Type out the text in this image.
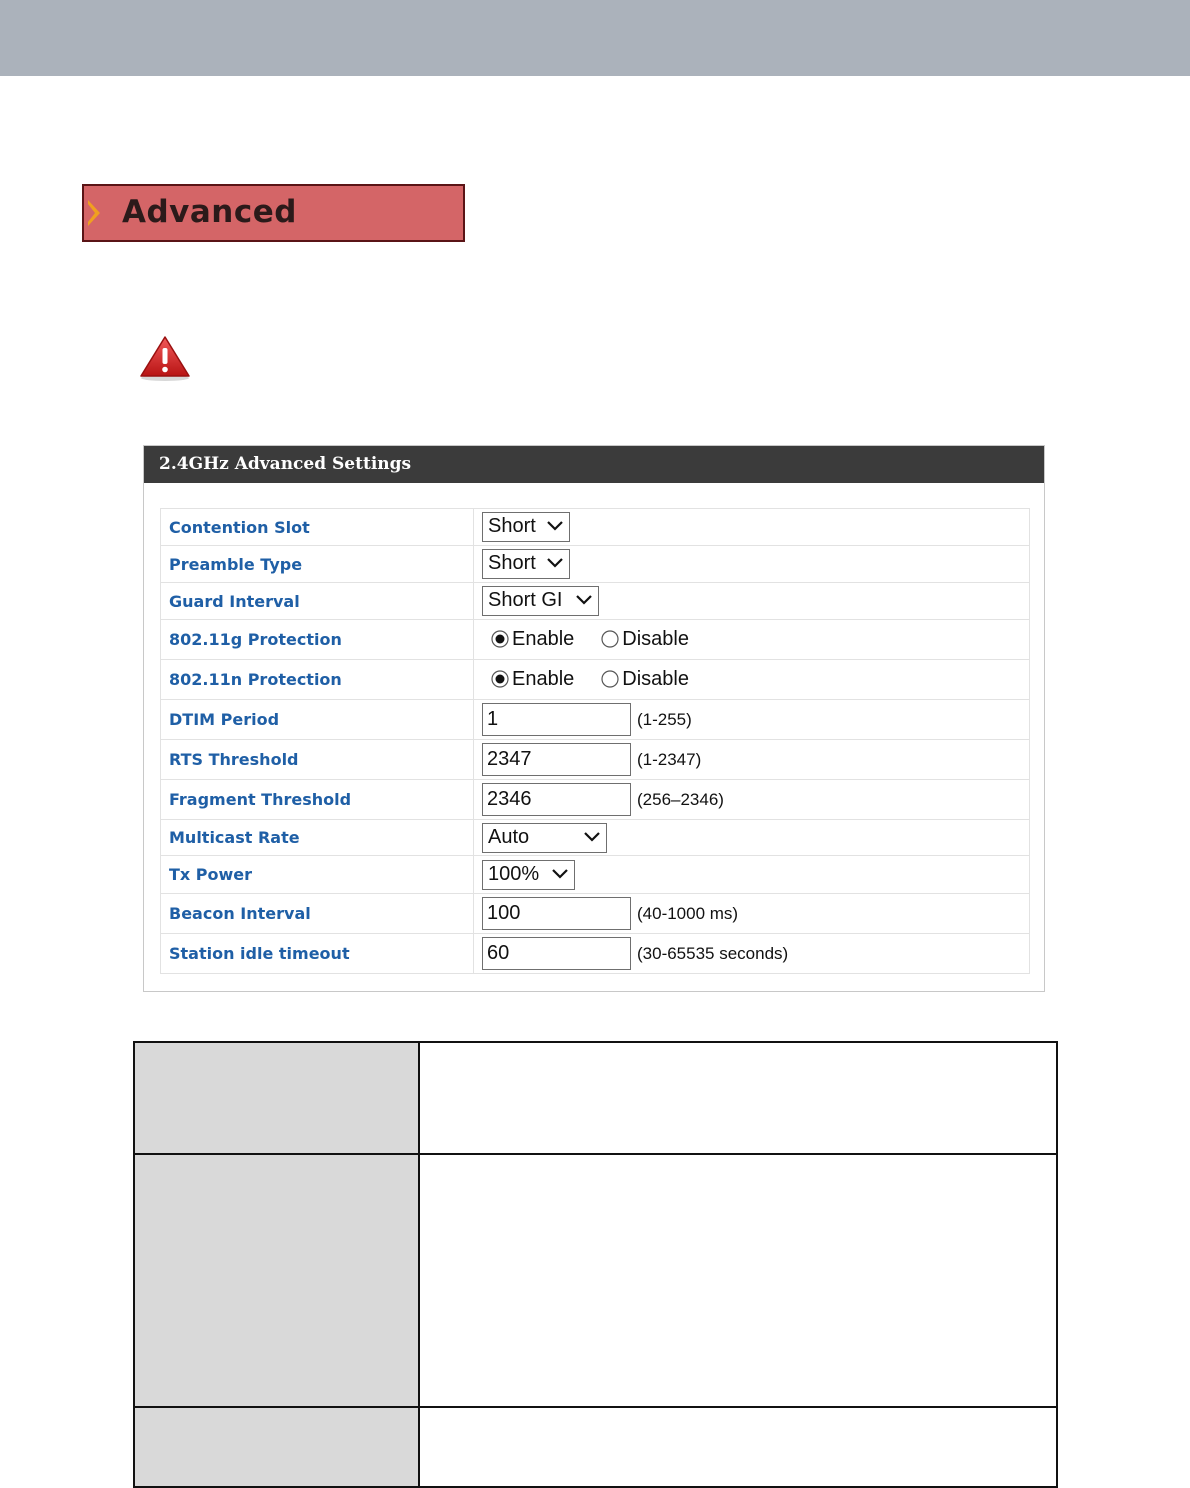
Advanced
2.4GHz Advanced Settings
Contention Slot	Short

Preamble Type	Short

Guard Interval	Short GI

802.11g Protection	Enable Disable
802.11n Protection	Enable Disable
DTIM Period	1 (1-255)
RTS Threshold	2347 (1-2347)
Fragment Threshold	2346 (256–2346)
Multicast Rate	Auto

Tx Power	100%

Beacon Interval	100 (40-1000 ms)
Station idle timeout	60 (30-65535 seconds)
